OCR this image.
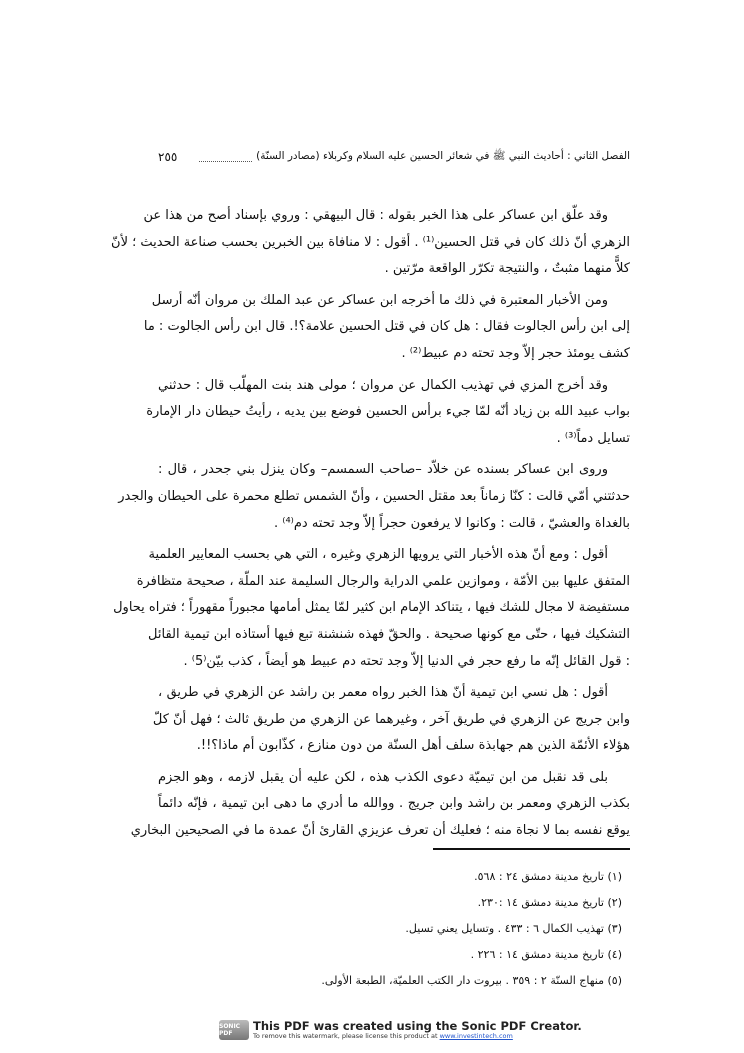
الفصل الثاني : أحاديث النبي ﷺ في شعائر الحسين عليه السلام وكربلاء (مصادر السنّة)
٢٥٥
وقد علّق ابن عساكر على هذا الخبر بقوله : قال البيهقي : وروي بإسناد أصح من هذا عن
الزهري أنّ ذلك كان في قتل الحسين⁽¹⁾ . أقول : لا منافاة بين الخبرين بحسب صناعة الحديث ؛ لأنّ
كلاًّ منهما مثبتٌ ، والنتيجة تكرّر الواقعة مرّتين .
ومن الأخبار المعتبرة في ذلك ما أخرجه ابن عساكر عن عبد الملك بن مروان أنّه أرسل
إلى ابن رأس الجالوت فقال : هل كان في قتل الحسين علامة؟!. قال ابن رأس الجالوت : ما
كشف يومئذ حجر إلاّ وجد تحته دم عبيط⁽²⁾ .
وقد أخرج المزي في تهذيب الكمال عن مروان ؛ مولى هند بنت المهلّب قال : حدثني
بواب عبيد الله بن زياد أنّه لمّا جيء برأس الحسين فوضع بين يديه ، رأيتُ حيطان دار الإمارة
تسايل دماً⁽³⁾ .
وروى ابن عساكر بسنده عن خلاّد –صاحب السمسم– وكان ينزل بني جحدر ، قال :
حدثتني أمّي قالت : كنّا زماناً بعد مقتل الحسين ، وأنّ الشمس تطلع محمرة على الحيطان والجدر
بالغداة والعشيّ ، قالت : وكانوا لا يرفعون حجراً إلاّ وجد تحته دم⁽⁴⁾ .
أقول : ومع أنّ هذه الأخبار التي يرويها الزهري وغيره ، التي هي بحسب المعايير العلمية
المتفق عليها بين الأمّة ، وموازين علمي الدراية والرجال السليمة عند الملّة ، صحيحة متظافرة
مستفيضة لا مجال للشك فيها ، يتناكد الإمام ابن كثير لمّا يمثل أمامها مجبوراً مقهوراً ؛ فتراه يحاول
التشكيك فيها ، حتّى مع كونها صحيحة . والحقّ فهذه شنشنة تبع فيها أستاذه ابن تيمية القائل
: قول القائل إنّه ما رفع حجر في الدنيا إلاّ وجد تحته دم عبيط هو أيضاً ، كذب بيّن⁽5⁾ .
أقول : هل نسي ابن تيمية أنّ هذا الخبر رواه معمر بن راشد عن الزهري في طريق ،
وابن جريج عن الزهري في طريق آخر ، وغيرهما عن الزهري من طريق ثالث ؛ فهل أنّ كلّ
هؤلاء الأئمّة الذين هم جهابذة سلف أهل السنّة من دون منازع ، كذّابون أم ماذا؟!!.
بلى قد نقبل من ابن تيميّة دعوى الكذب هذه ، لكن عليه أن يقبل لازمه ، وهو الجزم
بكذب الزهري ومعمر بن راشد وابن جريج . ووالله ما أدري ما دهى ابن تيمية ، فإنّه دائماً
يوقع نفسه بما لا نجاة منه ؛ فعليك أن تعرف عزيزي القارئ أنّ عمدة ما في الصحيحين البخاري
(١) تاريخ مدينة دمشق ٢٤ : ٥٦٨.
(٢) تاريخ مدينة دمشق ١٤ :٢٣٠.
(٣) تهذيب الكمال ٦ : ٤٣٣ . وتسايل يعني تسيل.
(٤) تاريخ مدينة دمشق ١٤ : ٢٢٦ .
(٥) منهاج السنّة ٢ : ٣٥٩ . بيروت دار الكتب العلميّة، الطبعة الأولى.
SONIC PDF
This PDF was created using the Sonic PDF Creator.
To remove this watermark, please license this product at www.investintech.com
